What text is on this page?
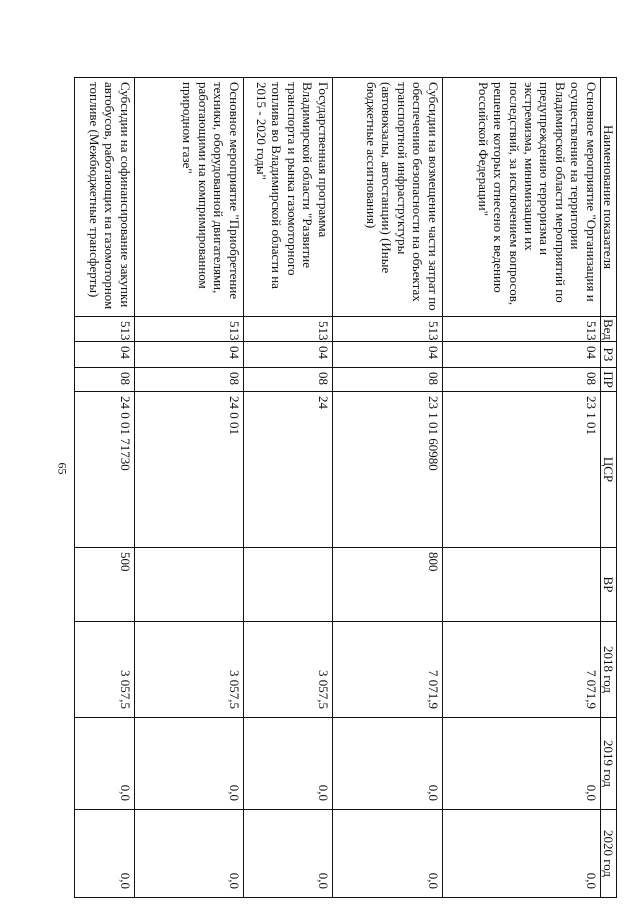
65
Наименование показателя	Вед	РЗ	ПР	ЦСР	ВР	2018 год	2019 год	2020 год
Основное мероприятие "Организация и осуществление на территории Владимирской области мероприятий по предупреждению терроризма и экстремизма, минимизации их последствий, за исключением вопросов, решение которых отнесено к ведению Российской Федерации"	513	04	08	23 1 01		7 071,9	0,0	0,0
Субсидии на возмещение части затрат по обеспечению безопасности на объектах транспортной инфраструктуры (автовокзалы, автостанции) (Иные бюджетные ассигнования)	513	04	08	23 1 01 60980	800	7 071,9	0,0	0,0
Государственная программа Владимирской области "Развитие транспорта и рынка газомоторного топлива во Владимирской области на 2015 - 2020 годы"	513	04	08	24		3 057,5	0,0	0,0
Основное мероприятие "Приобретение техники, оборудованной двигателями, работающими на компримированном природном газе"	513	04	08	24 0 01		3 057,5	0,0	0,0
Субсидии на софинансирование закупки автобусов, работающих на газомоторном топливе (Межбюджетные трансферты)	513	04	08	24 0 01 71730	500	3 057,5	0,0	0,0
